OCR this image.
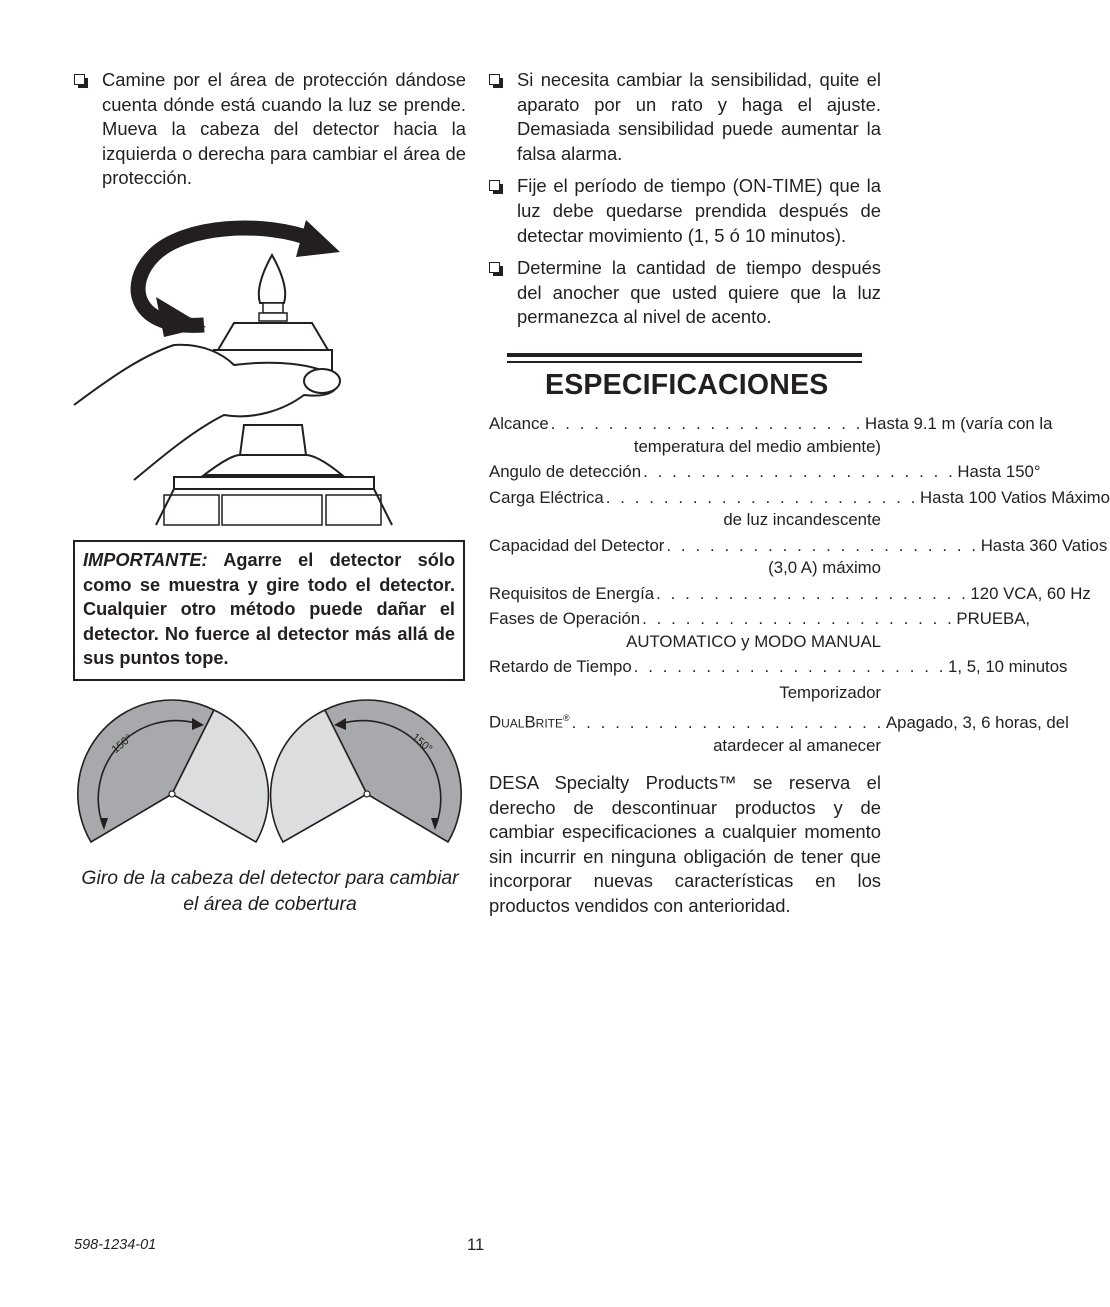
Camine por el área de protección dándose cuenta dónde está cuando la luz se prende. Mueva la cabeza del detector hacia la izquierda o derecha para cambiar el área de protección.

IMPORTANTE: Agarre el detector sólo como se muestra y gire todo el detector. Cualquier otro método puede dañar el detector. No fuerce al detector más allá de sus puntos tope.
150°	150°
Giro de la cabeza del detector para cambiar el área de cobertura

Si necesita cambiar la sensibilidad, quite el aparato por un rato y haga el ajuste. Demasiada sensibilidad puede aumentar la falsa alarma.

Fije el período de tiempo (ON-TIME) que la luz debe quedarse prendida después de detectar movimiento (1, 5 ó 10 minutos).

Determine la cantidad de tiempo después del anocher que usted quiere que la luz permanezca al nivel de acento.

ESPECIFICACIONES
Alcance . . . . . . . . . . . . . . . . . . . . . . Hasta 9.1 m (varía con la
temperatura del medio ambiente)
Angulo de detección . . . . . . . . . . . . . . . . . . . . . . Hasta 150°
Carga Eléctrica . . . . . . . . . . . . . . . . . . . . . . Hasta 100 Vatios Máximo
de luz incandescente
Capacidad del Detector . . . . . . . . . . . . . . . . . . . . . . Hasta 360 Vatios
(3,0 A) máximo
Requisitos de Energía . . . . . . . . . . . . . . . . . . . . . . 120 VCA, 60 Hz
Fases de Operación . . . . . . . . . . . . . . . . . . . . . . PRUEBA,
AUTOMATICO y MODO MANUAL
Retardo de Tiempo . . . . . . . . . . . . . . . . . . . . . . 1, 5, 10 minutos
Temporizador
DUALBRITE® . . . . . . . . . . . . . . . . . . . . . . Apagado, 3, 6 horas, del
atardecer al amanecer
DESA Specialty Products™ se reserva el derecho de descontinuar productos y de cambiar especificaciones a cualquier momento sin incurrir en ninguna obligación de tener que incorporar nuevas características en los productos vendidos con anterioridad.
598-1234-01	11
